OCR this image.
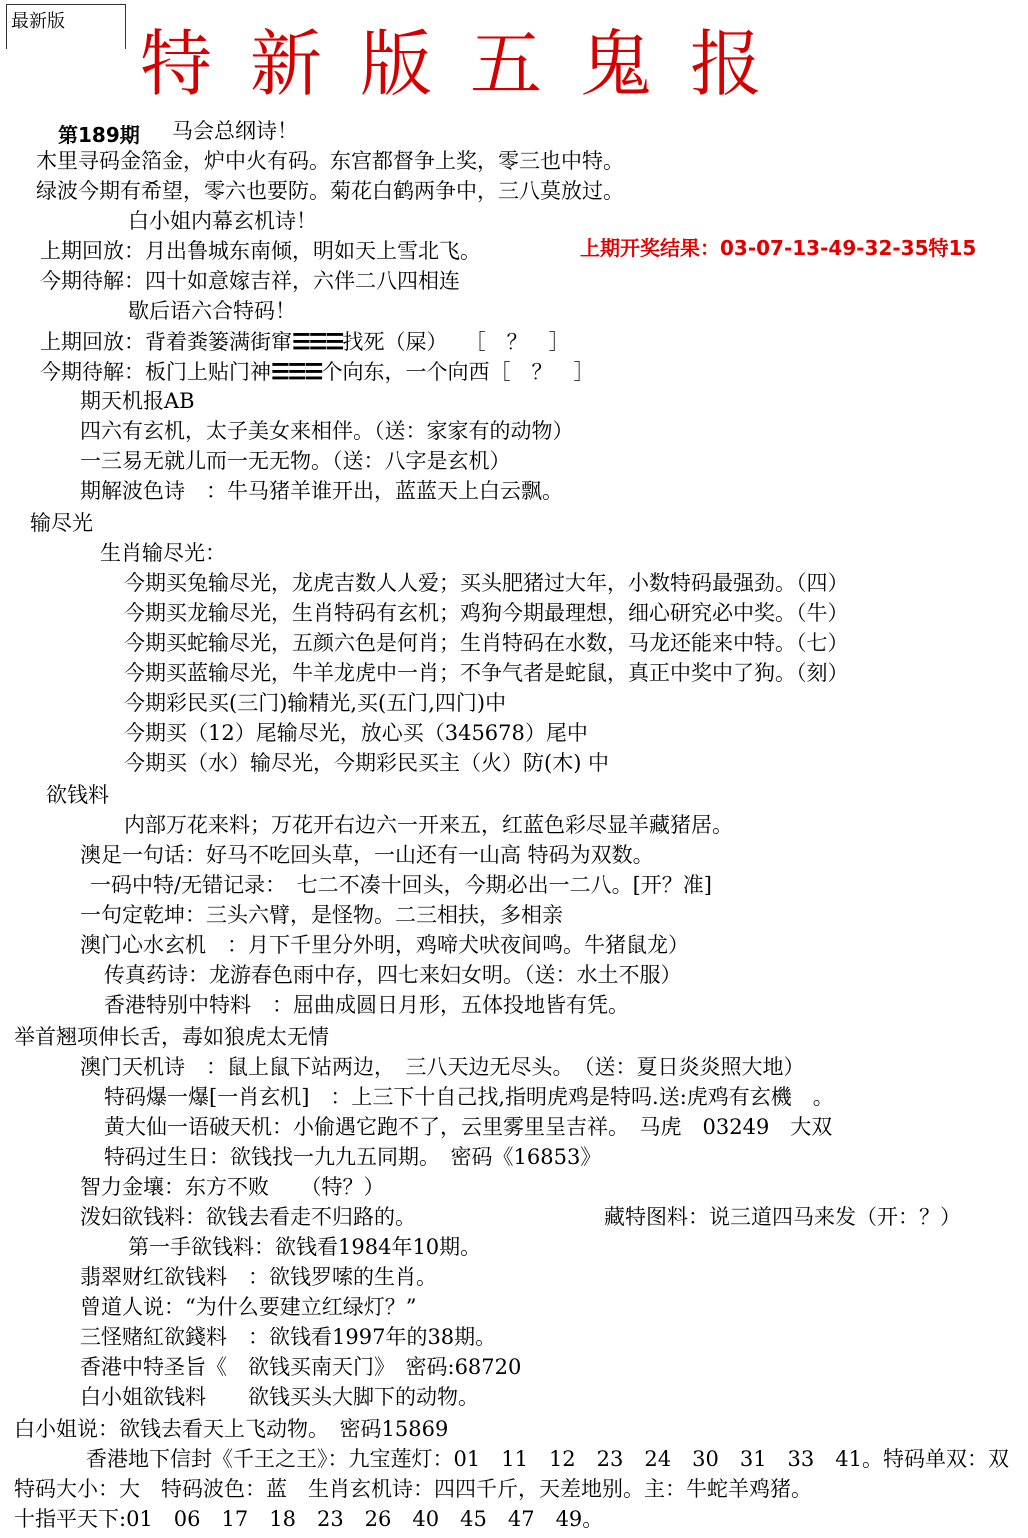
最新版
特新版五鬼报
第189期
上期开奖结果：03-07-13-49-32-35特15
马会总纲诗！
木里寻码金箔金，炉中火有码。东宫都督争上奖，零三也中特。
绿波今期有希望，零六也要防。菊花白鹤两争中，三八莫放过。
白小姐内幕玄机诗！
上期回放：月出鲁城东南倾，明如天上雪北飞。
今期待解：四十如意嫁吉祥，六伴二八四相连
歇后语六合特码！
上期回放：背着粪篓满街窜☰☰☰找死（屎）　 ［　？　］
今期待解：板门上贴门神☰☰☰个向东，一个向西［　？　］
期天机报AB
四六有玄机，太子美女来相伴。（送：家家有的动物）
一三易无就儿而一无无物。（送：八字是玄机）
期解波色诗　：牛马猪羊谁开出，蓝蓝天上白云飘。
输尽光
生肖输尽光：
今期买兔输尽光，龙虎吉数人人爱；买头肥猪过大年，小数特码最强劲。（四）
今期买龙输尽光，生肖特码有玄机；鸡狗今期最理想，细心研究必中奖。（牛）
今期买蛇输尽光，五颜六色是何肖；生肖特码在水数，马龙还能来中特。（七）
今期买蓝输尽光，牛羊龙虎中一肖；不争气者是蛇鼠，真正中奖中了狗。（刻）
今期彩民买(三门)输精光,买(五门,四门)中
今期买（12）尾输尽光，放心买（345678）尾中
今期买（水）输尽光，今期彩民买主（火）防(木) 中
欲钱料
内部万花来料；万花开右边六一开来五，红蓝色彩尽显羊藏猪居。
澳足一句话：好马不吃回头草，一山还有一山高 特码为双数。
一码中特/无错记录：　七二不凑十回头，今期必出一二八。[开？准]
一句定乾坤：三头六臂，是怪物。二三相扶，多相亲
澳门心水玄机　：月下千里分外明，鸡啼犬吠夜间鸣。牛猪鼠龙）
传真药诗：龙游春色雨中存，四七来妇女明。（送：水土不服）
香港特别中特料　：屈曲成圆日月形，五体投地皆有凭。
举首翘项伸长舌，毒如狼虎太无情
澳门天机诗　：鼠上鼠下站两边，　三八天边无尽头。　（送：夏日炎炎照大地）
特码爆一爆[一肖玄机]　：上三下十自己找,指明虎鸡是特吗.送:虎鸡有玄機　。
黄大仙一语破天机：小偷遇它跑不了，云里雾里呈吉祥。　马虎　03249　大双
特码过生日：欲钱找一九九五同期。　密码《16853》
智力金壤：东方不败　　（特？）
泼妇欲钱料：欲钱去看走不归路的。	藏特图料：说三道四马来发（开：？）
第一手欲钱料：欲钱看1984年10期。
翡翠财红欲钱料　：欲钱罗嗦的生肖。
曾道人说：“为什么要建立红绿灯？”
三怪赌紅欲錢料　：欲钱看1997年的38期。
香港中特圣旨《　欲钱买南天门》　密码:68720
白小姐欲钱料　　欲钱买头大脚下的动物。
白小姐说：欲钱去看天上飞动物。　密码15869
香港地下信封《千王之王》：九宝莲灯：01　11　12　23　24　30　31　33　41。特码单双：双
特码大小：大　特码波色：蓝　生肖玄机诗：四四千斤，天差地别。主：牛蛇羊鸡猪。
十指平天下:01　06　17　18　23　26　40　45　47　49。
